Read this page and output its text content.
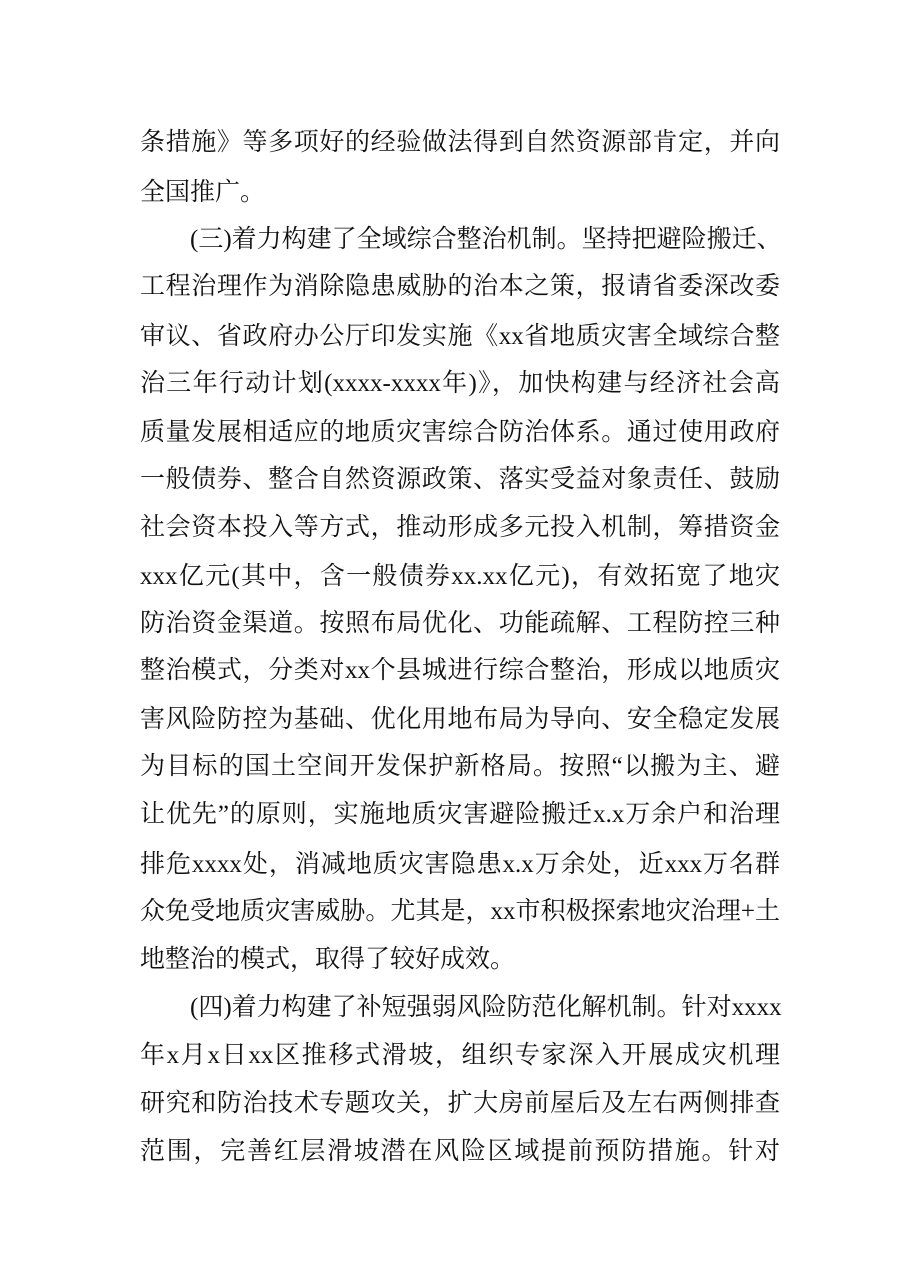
条措施》等多项好的经验做法得到自然资源部肯定，并向
全国推广。
(三)着力构建了全域综合整治机制。坚持把避险搬迁、
工程治理作为消除隐患威胁的治本之策，报请省委深改委
审议、省政府办公厅印发实施《xx省地质灾害全域综合整
治三年行动计划(xxxx-xxxx年)》，加快构建与经济社会高
质量发展相适应的地质灾害综合防治体系。通过使用政府
一般债券、整合自然资源政策、落实受益对象责任、鼓励
社会资本投入等方式，推动形成多元投入机制，筹措资金
xxx亿元(其中，含一般债券xx.xx亿元)，有效拓宽了地灾
防治资金渠道。按照布局优化、功能疏解、工程防控三种
整治模式，分类对xx个县城进行综合整治，形成以地质灾
害风险防控为基础、优化用地布局为导向、安全稳定发展
为目标的国土空间开发保护新格局。按照“以搬为主、避
让优先”的原则，实施地质灾害避险搬迁x.x万余户和治理
排危xxxx处，消减地质灾害隐患x.x万余处，近xxx万名群
众免受地质灾害威胁。尤其是，xx市积极探索地灾治理+土
地整治的模式，取得了较好成效。
(四)着力构建了补短强弱风险防范化解机制。针对xxxx
年x月x日xx区推移式滑坡，组织专家深入开展成灾机理
研究和防治技术专题攻关，扩大房前屋后及左右两侧排查
范围，完善红层滑坡潜在风险区域提前预防措施。针对
